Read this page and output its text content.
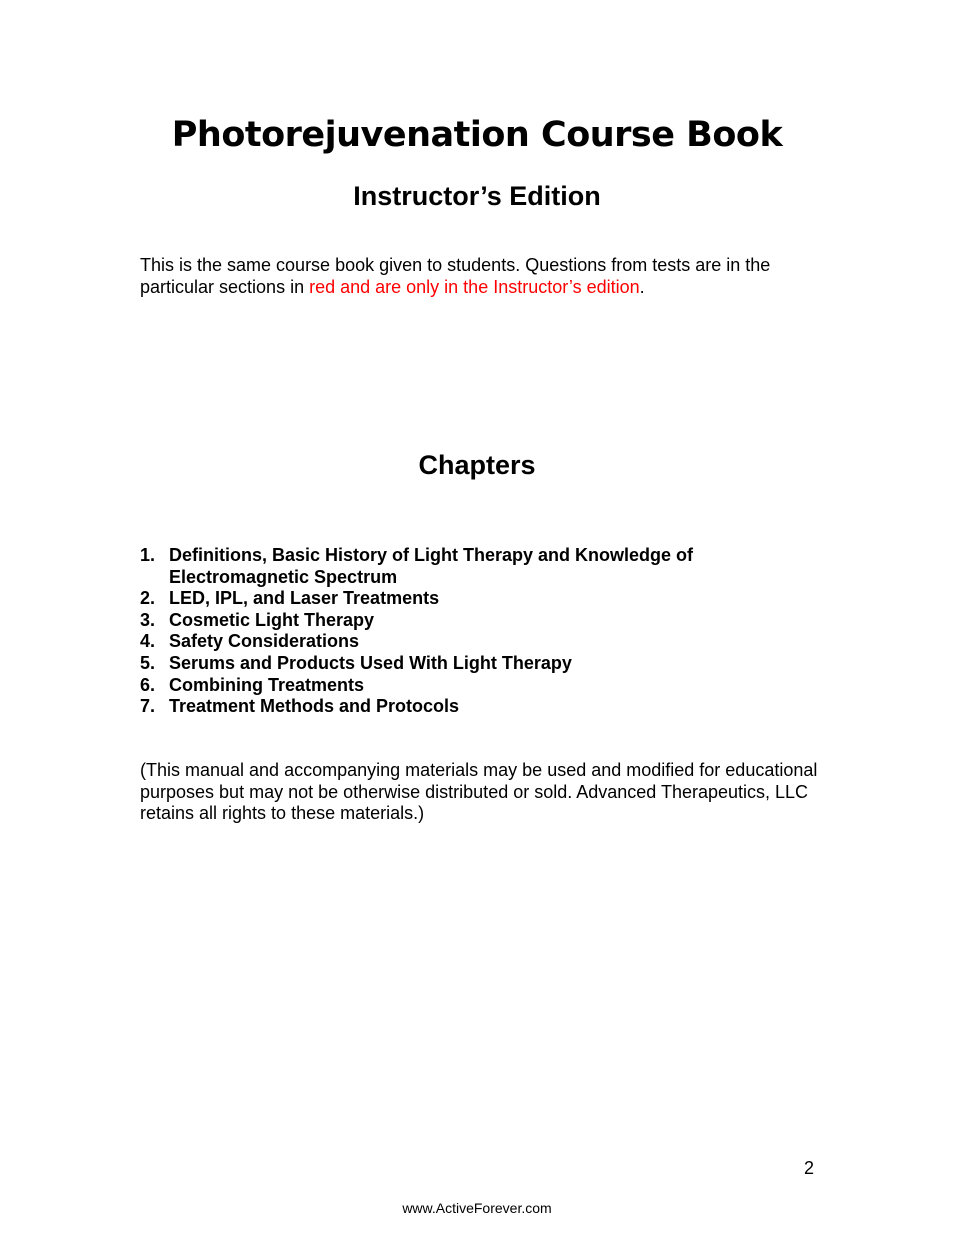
Photorejuvenation Course Book
Instructor’s Edition

This is the same course book given to students. Questions from tests are in the particular sections in red and are only in the Instructor’s edition.

Chapters
1. Definitions, Basic History of Light Therapy and Knowledge of Electromagnetic Spectrum
2. LED, IPL, and Laser Treatments
3. Cosmetic Light Therapy
4. Safety Considerations
5. Serums and Products Used With Light Therapy
6. Combining Treatments
7. Treatment Methods and Protocols

(This manual and accompanying materials may be used and modified for educational purposes but may not be otherwise distributed or sold. Advanced Therapeutics, LLC retains all rights to these materials.)

2
www.ActiveForever.com
